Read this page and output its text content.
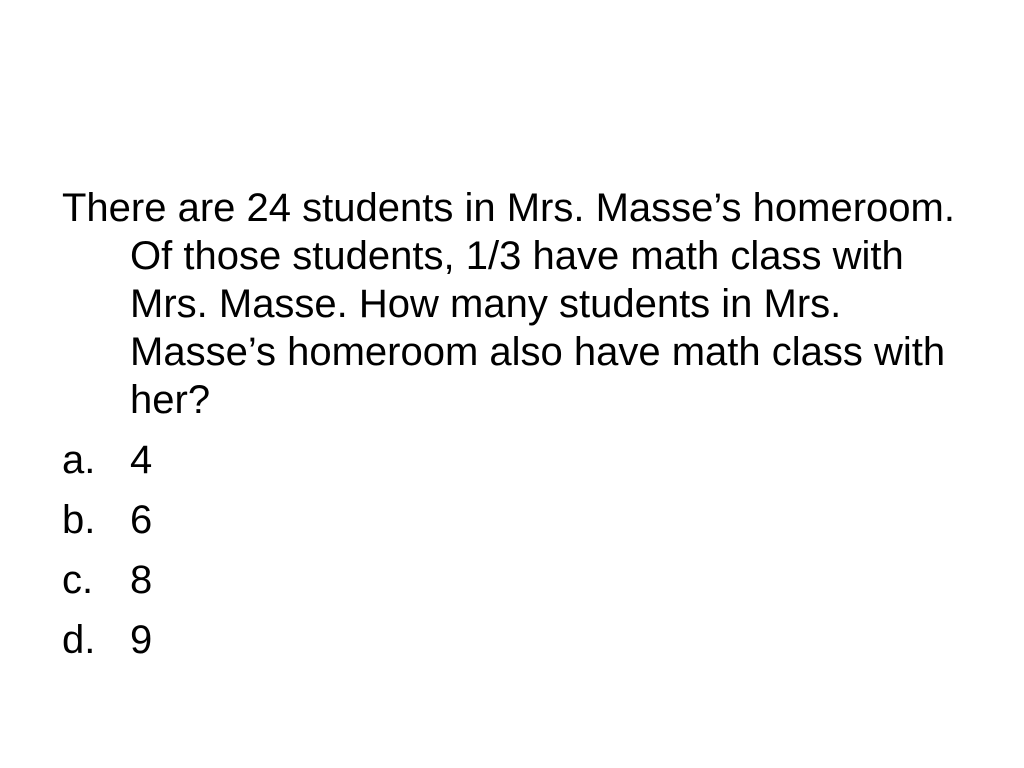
There are 24 students in Mrs. Masse’s homeroom. Of those students, 1/3 have math class with Mrs. Masse. How many students in Mrs. Masse’s homeroom also have math class with her?

a. 4
b. 6
c. 8
d. 9
